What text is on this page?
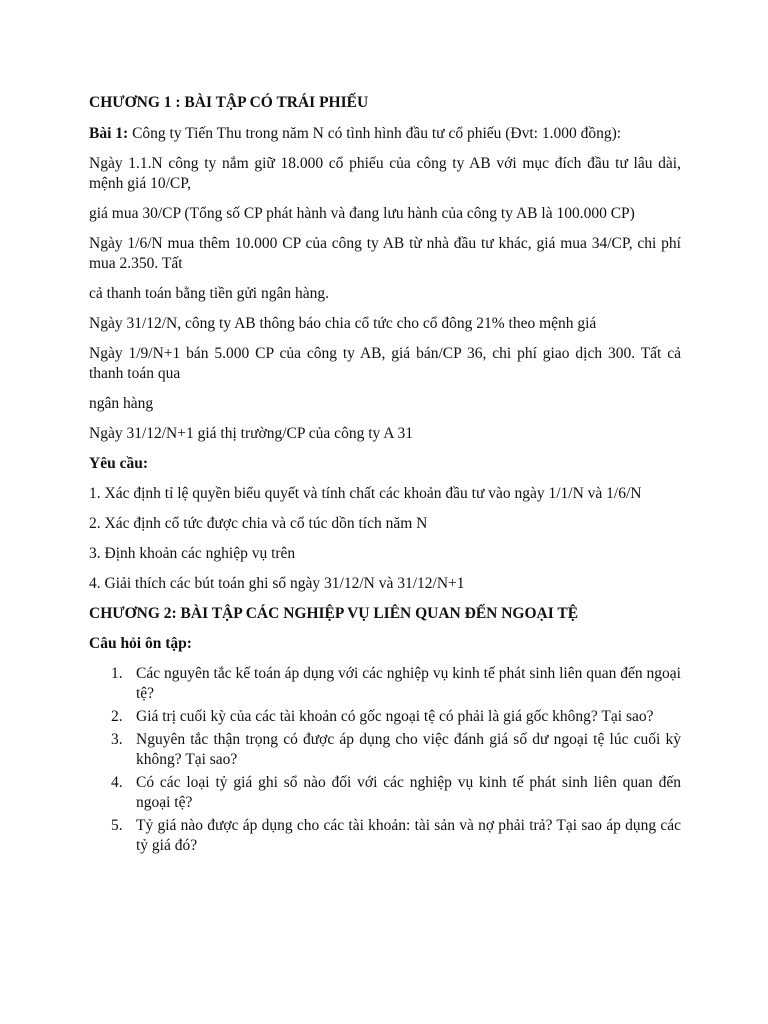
CHƯƠNG 1 : BÀI TẬP CÓ TRÁI PHIẾU

Bài 1: Công ty Tiến Thu trong năm N có tình hình đầu tư cổ phiếu (Đvt: 1.000 đồng):

Ngày 1.1.N công ty nắm giữ 18.000 cổ phiếu của công ty AB với mục đích đầu tư lâu dài, mệnh giá 10/CP,

giá mua 30/CP (Tổng số CP phát hành và đang lưu hành của công ty AB là 100.000 CP)

Ngày 1/6/N mua thêm 10.000 CP của công ty AB từ nhà đầu tư khác, giá mua 34/CP, chi phí mua 2.350. Tất

cả thanh toán bằng tiền gửi ngân hàng.

Ngày 31/12/N, công ty AB thông báo chia cổ tức cho cổ đông 21% theo mệnh giá

Ngày 1/9/N+1 bán 5.000 CP của công ty AB, giá bán/CP 36, chi phí giao dịch 300. Tất cả thanh toán qua

ngân hàng

Ngày 31/12/N+1 giá thị trường/CP của công ty A 31

Yêu cầu:

1. Xác định tỉ lệ quyền biểu quyết và tính chất các khoản đầu tư vào ngày 1/1/N và 1/6/N

2. Xác định cổ tức được chia và cổ túc dồn tích năm N

3. Định khoản các nghiệp vụ trên

4. Giải thích các bút toán ghi sổ ngày 31/12/N và 31/12/N+1

CHƯƠNG 2: BÀI TẬP CÁC NGHIỆP VỤ LIÊN QUAN ĐẾN NGOẠI TỆ

Câu hỏi ôn tập:

1. Các nguyên tắc kế toán áp dụng với các nghiệp vụ kinh tế phát sinh liên quan đến ngoại tệ?
2. Giá trị cuối kỳ của các tài khoản có gốc ngoại tệ có phải là giá gốc không? Tại sao?
3. Nguyên tắc thận trọng có được áp dụng cho việc đánh giá số dư ngoại tệ lúc cuối kỳ không? Tại sao?
4. Có các loại tỷ giá ghi sổ nào đối với các nghiệp vụ kinh tế phát sinh liên quan đến ngoại tệ?
5. Tỷ giá nào được áp dụng cho các tài khoản: tài sản và nợ phải trả? Tại sao áp dụng các tỷ giá đó?
